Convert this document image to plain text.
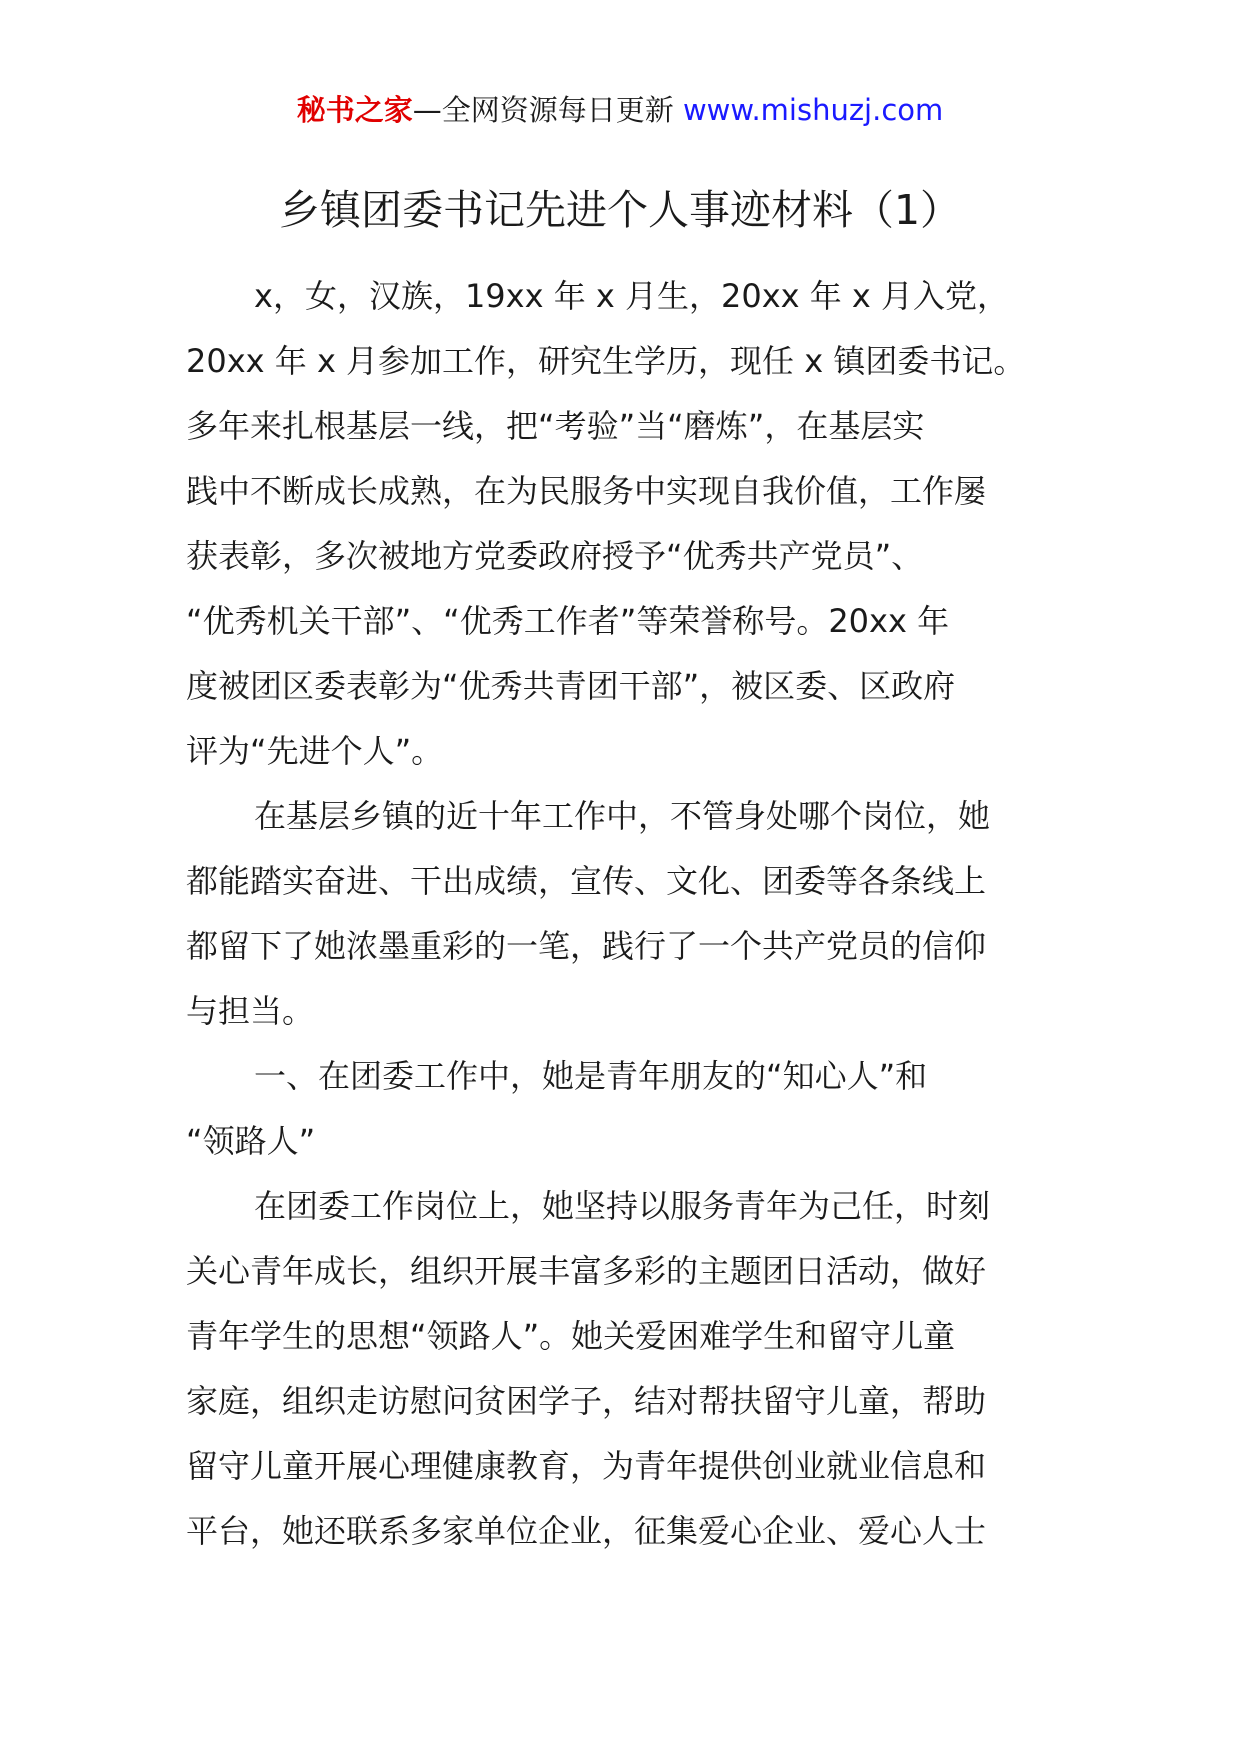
秘书之家—全网资源每日更新 www.mishuzj.com
乡镇团委书记先进个人事迹材料（1）
x，女，汉族，19xx 年 x 月生，20xx 年 x 月入党，
20xx 年 x 月参加工作，研究生学历，现任 x 镇团委书记。
多年来扎根基层一线，把“考验”当“磨炼”，在基层实
践中不断成长成熟，在为民服务中实现自我价值，工作屡
获表彰，多次被地方党委政府授予“优秀共产党员”、
“优秀机关干部”、“优秀工作者”等荣誉称号。20xx 年
度被团区委表彰为“优秀共青团干部”，被区委、区政府
评为“先进个人”。
在基层乡镇的近十年工作中，不管身处哪个岗位，她
都能踏实奋进、干出成绩，宣传、文化、团委等各条线上
都留下了她浓墨重彩的一笔，践行了一个共产党员的信仰
与担当。
一、在团委工作中，她是青年朋友的“知心人”和
“领路人”
在团委工作岗位上，她坚持以服务青年为己任，时刻
关心青年成长，组织开展丰富多彩的主题团日活动，做好
青年学生的思想“领路人”。她关爱困难学生和留守儿童
家庭，组织走访慰问贫困学子，结对帮扶留守儿童，帮助
留守儿童开展心理健康教育，为青年提供创业就业信息和
平台，她还联系多家单位企业，征集爱心企业、爱心人士
